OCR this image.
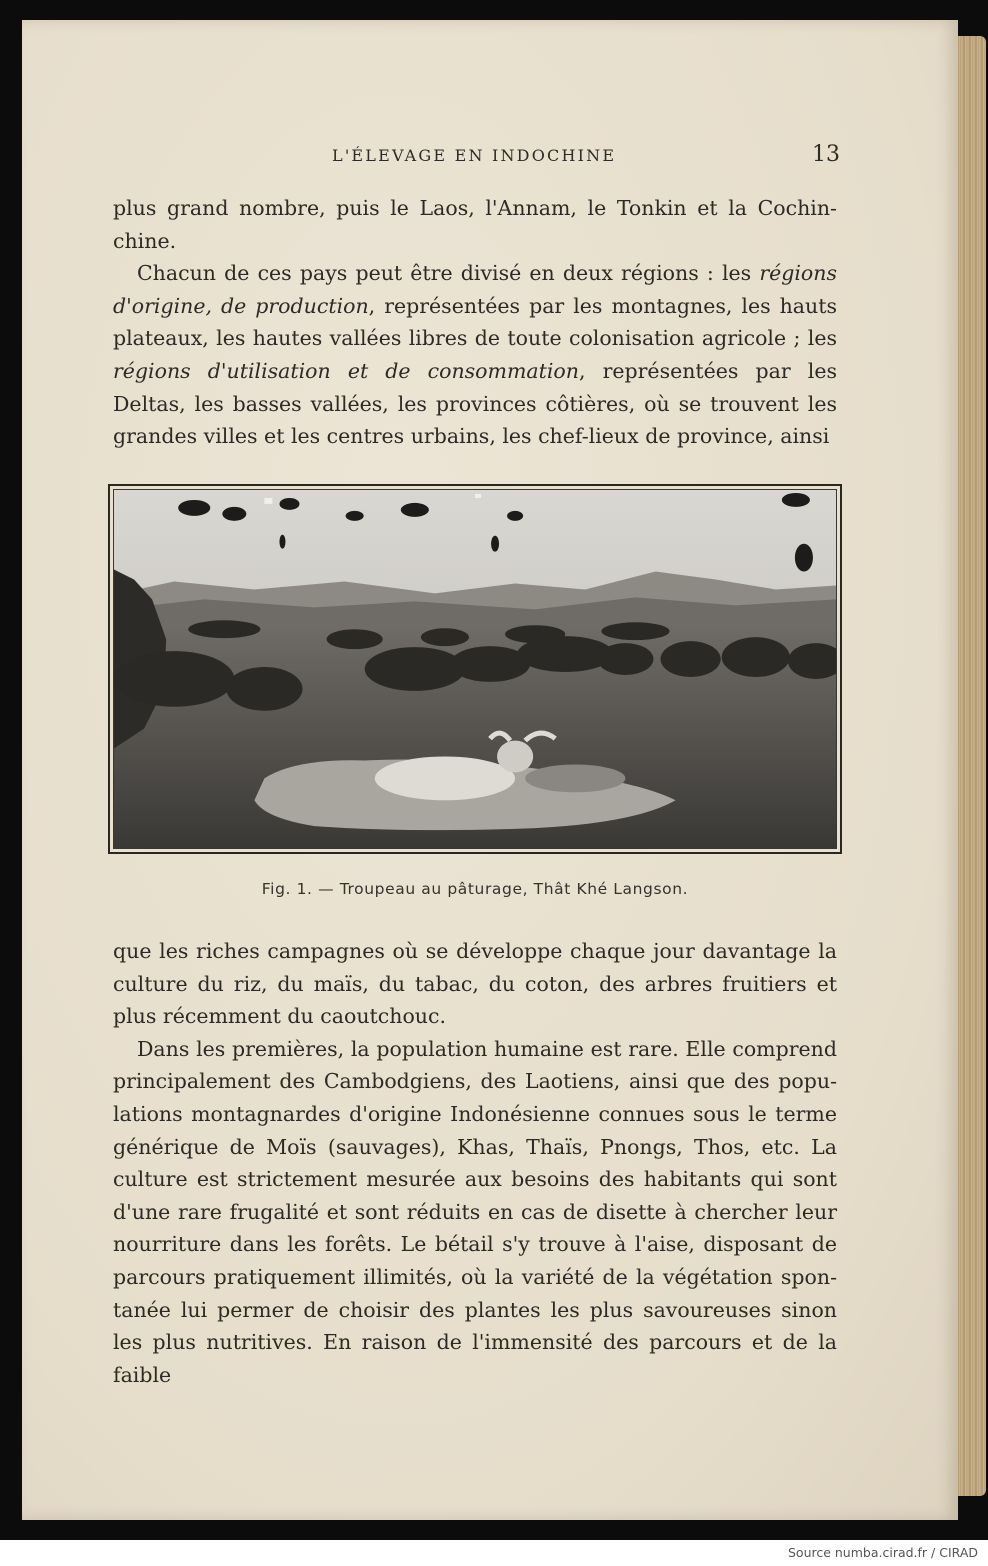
L'ÉLEVAGE EN INDOCHINE	13

plus grand nombre, puis le Laos, l'Annam, le Tonkin et la Cochin-chine.

Chacun de ces pays peut être divisé en deux régions : les régions d'origine, de production, représentées par les montagnes, les hauts plateaux, les hautes vallées libres de toute colonisation agricole ; les régions d'utilisation et de consommation, représentées par les Deltas, les basses vallées, les provinces côtières, où se trouvent les grandes villes et les centres urbains, les chef-lieux de province, ainsi

Fig. 1. — Troupeau au pâturage, Thât Khé Langson.

que les riches campagnes où se développe chaque jour davantage la culture du riz, du maïs, du tabac, du coton, des arbres fruitiers et plus récemment du caoutchouc.

Dans les premières, la population humaine est rare. Elle comprend principalement des Cambodgiens, des Laotiens, ainsi que des popu-lations montagnardes d'origine Indonésienne connues sous le terme générique de Moïs (sauvages), Khas, Thaïs, Pnongs, Thos, etc. La culture est strictement mesurée aux besoins des habitants qui sont d'une rare frugalité et sont réduits en cas de disette à chercher leur nourriture dans les forêts. Le bétail s'y trouve à l'aise, disposant de parcours pratiquement illimités, où la variété de la végétation spon-tanée lui permer de choisir des plantes les plus savoureuses sinon les plus nutritives. En raison de l'immensité des parcours et de la faible

Source numba.cirad.fr / CIRAD
